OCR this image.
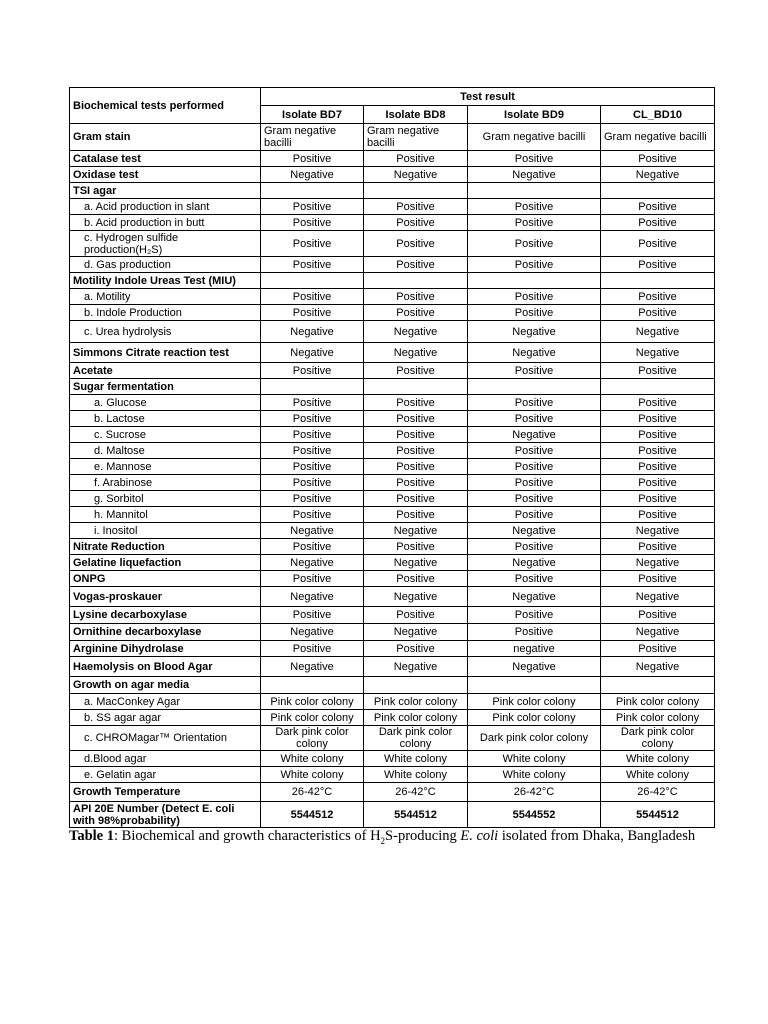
Biochemical tests performed	Test result			
	Isolate BD7	Isolate BD8	Isolate BD9	CL_BD10
Gram stain	Gram negative bacilli	Gram negative bacilli	Gram negative bacilli	Gram negative bacilli
Catalase test	Positive	Positive	Positive	Positive
Oxidase test	Negative	Negative	Negative	Negative
TSI agar				
a. Acid production in slant	Positive	Positive	Positive	Positive
b. Acid production in butt	Positive	Positive	Positive	Positive
c. Hydrogen sulfide production(H₂S)	Positive	Positive	Positive	Positive
d. Gas production	Positive	Positive	Positive	Positive
Motility Indole Ureas Test (MIU)				
a. Motility	Positive	Positive	Positive	Positive
b. Indole Production	Positive	Positive	Positive	Positive
c. Urea hydrolysis	Negative	Negative	Negative	Negative
Simmons Citrate reaction test	Negative	Negative	Negative	Negative
Acetate	Positive	Positive	Positive	Positive
Sugar fermentation				
a. Glucose	Positive	Positive	Positive	Positive
b. Lactose	Positive	Positive	Positive	Positive
c. Sucrose	Positive	Positive	Negative	Positive
d. Maltose	Positive	Positive	Positive	Positive
e. Mannose	Positive	Positive	Positive	Positive
f. Arabinose	Positive	Positive	Positive	Positive
g. Sorbitol	Positive	Positive	Positive	Positive
h. Mannitol	Positive	Positive	Positive	Positive
i. Inositol	Negative	Negative	Negative	Negative
Nitrate Reduction	Positive	Positive	Positive	Positive
Gelatine liquefaction	Negative	Negative	Negative	Negative
ONPG	Positive	Positive	Positive	Positive
Vogas-proskauer	Negative	Negative	Negative	Negative
Lysine decarboxylase	Positive	Positive	Positive	Positive
Ornithine decarboxylase	Negative	Negative	Positive	Negative
Arginine Dihydrolase	Positive	Positive	negative	Positive
Haemolysis on Blood Agar	Negative	Negative	Negative	Negative
Growth on agar media				
a. MacConkey Agar	Pink color colony	Pink color colony	Pink color colony	Pink color colony
b. SS agar agar	Pink color colony	Pink color colony	Pink color colony	Pink color colony
c. CHROMagar™ Orientation	Dark pink color colony	Dark pink color colony	Dark pink color colony	Dark pink color colony
d.Blood agar	White colony	White colony	White colony	White colony
e. Gelatin agar	White colony	White colony	White colony	White colony
Growth Temperature	26-42°C	26-42°C	26-42°C	26-42°C
API 20E Number (Detect E. coli with 98%probability)	5544512	5544512	5544552	5544512
Table 1: Biochemical and growth characteristics of $H_2S$-producing E. coli isolated from Dhaka, Bangladesh
